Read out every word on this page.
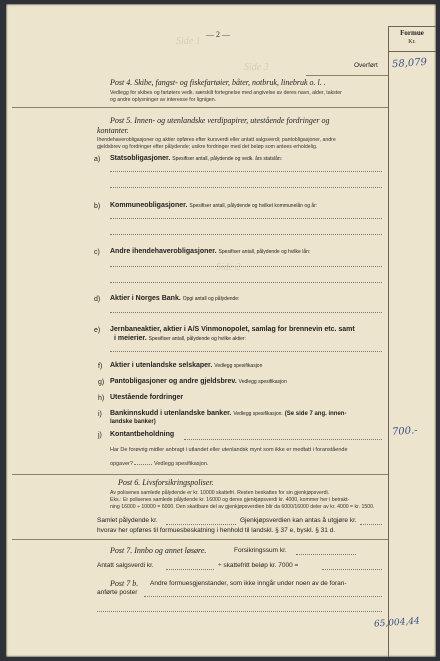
Side 1
Side 3
Side 2
— 2 —	Formue
Kr.
Overført 58,079
Post 4. Skibe, fangst- og fiskefartøier, båter, notbruk, linebruk o. l. .
Vedlegg for skibes og fartøiers vedk. særskilt fortegnelse med angivelse av deres navn, alder, takster
og andre oplysninger av interesse for lignigen.
Post 5. Innen- og utenlandske verdipapirer, utestående fordringer og
kontanter.
Ihendehaverobligasjoner og aktier opføres efter kursverdi eller antatt salgsverdi; pantobligasjoner, andre
gjeldsbrev og fordringer efter pålydende; usikre fordringer med det beløp som antees erholdelig.
a) Statsobligasjoner. Spesifiser antall, pålydende og vedk. års statslån:
b) Kommuneobligasjoner. Spesifiser antall, pålydende og hvilket kommunelån og år:
c) Andre ihendehaverobligasjoner. Spesifiser antall, pålydende og hvilke lån:
d) Aktier i Norges Bank. Opgi antall og pålydende:
e) Jernbaneaktier, aktier i A/S Vinmonopolet, samlag for brennevin etc. samt
i meierier. Spesifiser antall, pålydende og hvilke aktier:
f) Aktier i utenlandske selskaper. Vedlegg spesifikasjon
g) Pantobligasjoner og andre gjeldsbrev. Vedlegg spesifikasjon
h) Utestående fordringer
i) Bankinnskudd i utenlandske banker. Vedlegg spesifikasjon. (Se side 7 ang. innen-
landske banker)
j) Kontantbeholdning	700.-
Har De forøvrig midler anbragt i utlandet eller utenlandsk mynt som ikke er medtatt i foranstående
opgaver?	Vedlegg spesifikasjon.
Post 6. Livsforsikringspoliser.
Av polisenes samlede pålydende er kr. 10000 skattefri. Resten beskattes for sin gjenkjøpsverdi.
Eks.: Er polisenes samlede pålydende kr. 16000 og deres gjenkjøpsverdi kr. 4000, kommer her i betrakt-
ning 16000 ÷ 10000 = 6000. Den skattbare del av gjenkjøpsverdien blir da 6000/16000 deler av kr. 4000 = kr. 1500.
Samlet pålydende kr.	Gjenkjøpsverdien kan antas å utgjøre kr.
hvorav her opføres til formuesbeskatning i henhold til landskl. § 37 e, byskl. § 31 d.
Post 7. Innbo og annet løsøre.	Forsikringssum kr.
Antatt salgsverdi kr.	÷ skattefritt beløp kr. 7000 =
Post 7 b. Andre formuesgjenstander, som ikke inngår under noen av de foran-
anførte poster
65,004,44
